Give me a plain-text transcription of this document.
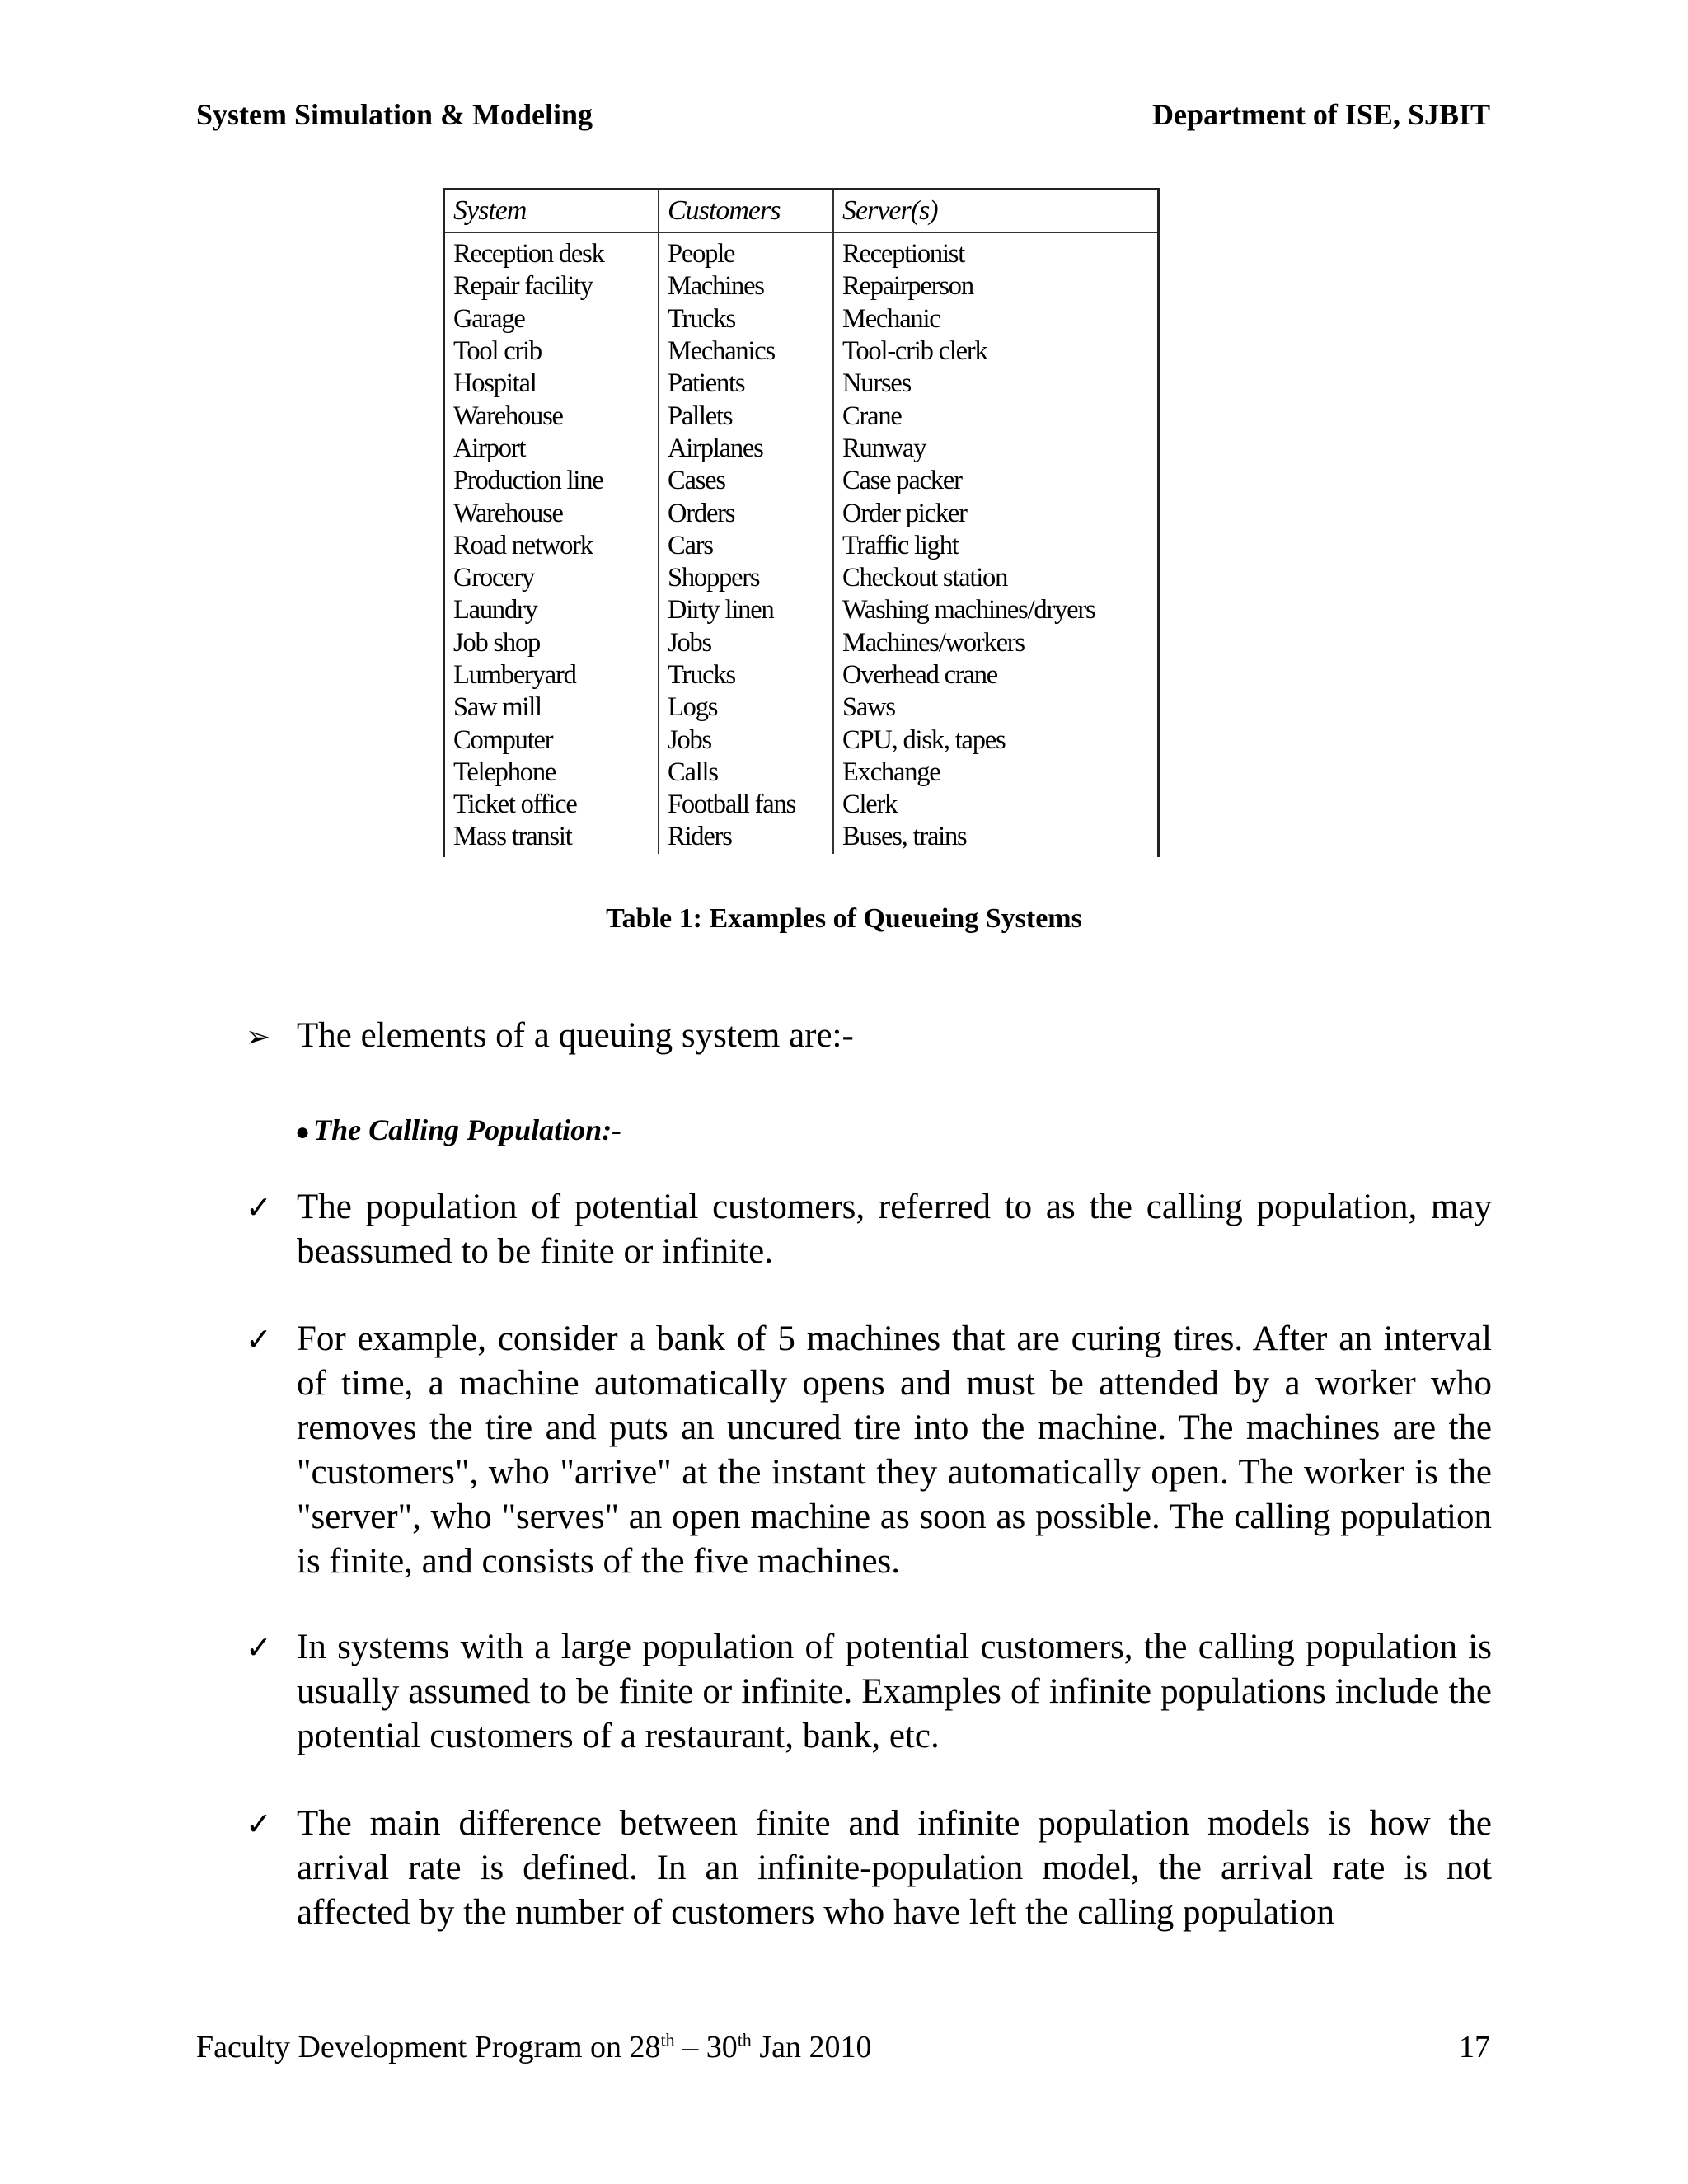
System Simulation & Modeling	Department of ISE, SJBIT
System	Customers	Server(s)
Reception desk	People	Receptionist
Repair facility	Machines	Repairperson
Garage	Trucks	Mechanic
Tool crib	Mechanics	Tool-crib clerk
Hospital	Patients	Nurses
Warehouse	Pallets	Crane
Airport	Airplanes	Runway
Production line	Cases	Case packer
Warehouse	Orders	Order picker
Road network	Cars	Traffic light
Grocery	Shoppers	Checkout station
Laundry	Dirty linen	Washing machines/dryers
Job shop	Jobs	Machines/workers
Lumberyard	Trucks	Overhead crane
Saw mill	Logs	Saws
Computer	Jobs	CPU, disk, tapes
Telephone	Calls	Exchange
Ticket office	Football fans	Clerk
Mass transit	Riders	Buses, trains
Table 1: Examples of Queueing Systems
➢ The elements of a queuing system are:-
● The Calling Population:-
✓ The population of potential customers, referred to as the calling population, may beassumed to be finite or infinite.
✓ For example, consider a bank of 5 machines that are curing tires. After an interval of time, a machine automatically opens and must be attended by a worker who removes the tire and puts an uncured tire into the machine. The machines are the "customers", who "arrive" at the instant they automatically open. The worker is the "server", who "serves" an open machine as soon as possible. The calling population is finite, and consists of the five machines.
✓ In systems with a large population of potential customers, the calling population is usually assumed to be finite or infinite. Examples of infinite populations include the potential customers of a restaurant, bank, etc.
✓ The main difference between finite and infinite population models is how the arrival rate is defined. In an infinite-population model, the arrival rate is not affected by the number of customers who have left the calling population
Faculty Development Program on 28th – 30th Jan 2010	17
